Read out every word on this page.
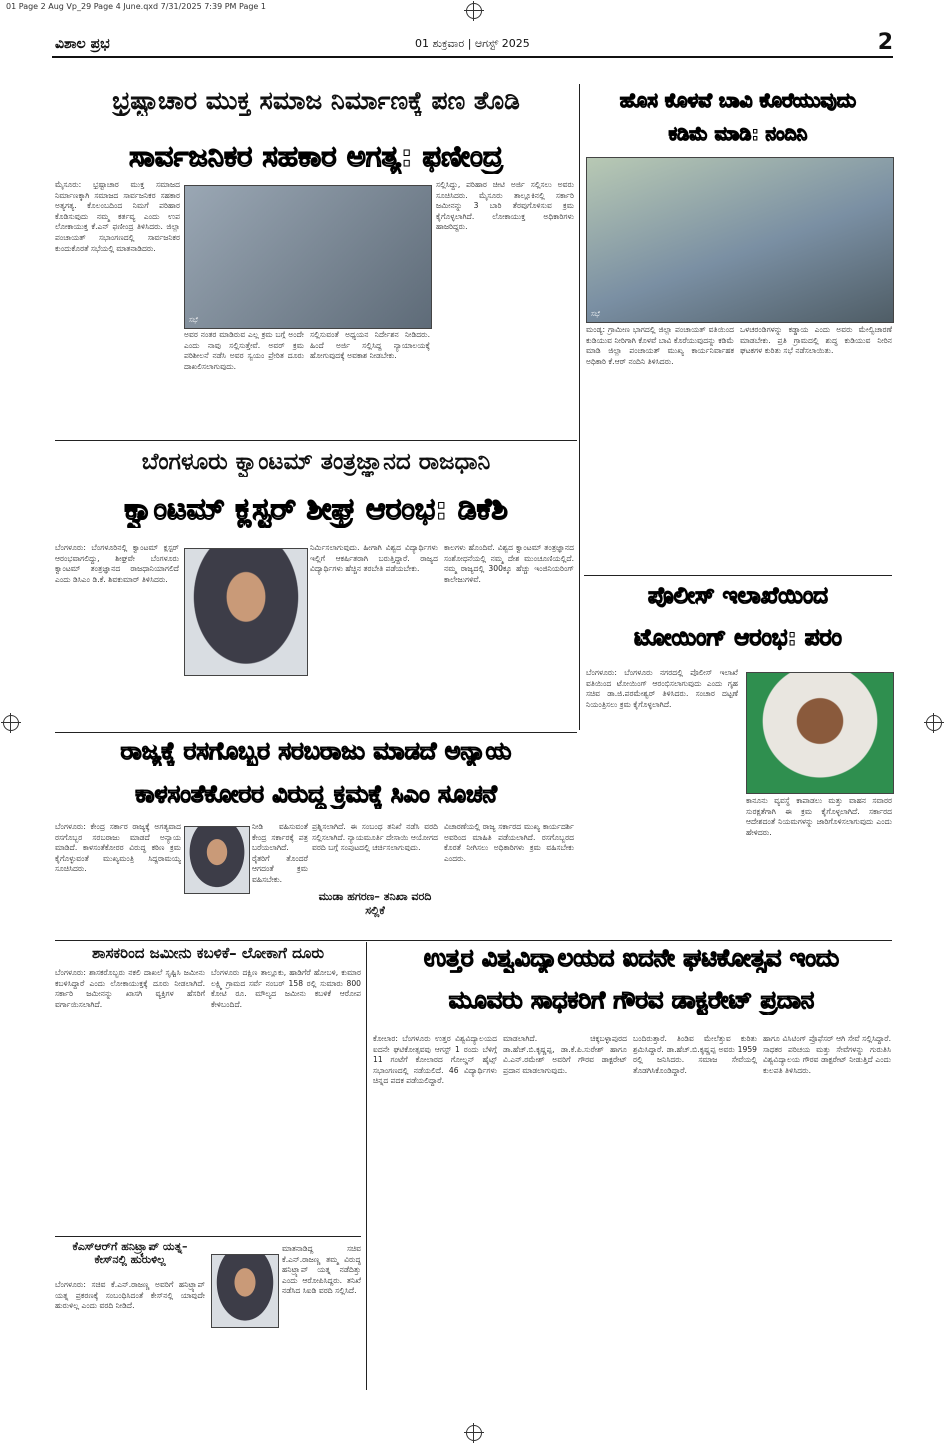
01 Page 2 Aug Vp_29 Page 4 June.qxd 7/31/2025 7:39 PM Page 1
ವಿಶಾಲ ಪ್ರಭ	01 ಶುಕ್ರವಾರ | ಆಗಸ್ಟ್ 2025	2
ಭ್ರಷ್ಟಾಚಾರ ಮುಕ್ತ ಸಮಾಜ ನಿರ್ಮಾಣಕ್ಕೆ ಪಣ ತೊಡಿ
ಸಾರ್ವಜನಿಕರ ಸಹಕಾರ ಅಗತ್ಯ: ಫಣೀಂದ್ರ
ಮೈಸೂರು: ಭ್ರಷ್ಟಾಚಾರ ಮುಕ್ತ ಸಮಾಜದ ನಿರ್ಮಾಣಕ್ಕಾಗಿ ಸಮಾಜದ ಸಾರ್ವಜನಿಕರ ಸಹಕಾರ ಅತ್ಯಗತ್ಯ. ಕೊಲಂಬದಿಂದ ನಿಮಗೆ ಪರಿಹಾರ ಕೊಡಿಸುವುದು ನಮ್ಮ ಕರ್ತವ್ಯ ಎಂದು ಉಪ ಲೋಕಾಯುಕ್ತ ಕೆ.ಎನ್ ಫಣೀಂದ್ರ ತಿಳಿಸಿದರು. ಜಿಲ್ಲಾ ಪಂಚಾಯತ್ ಸಭಾಂಗಣದಲ್ಲಿ ಸಾರ್ವಜನಿಕರ ಕುಂದುಕೊರತೆ ಸಭೆಯಲ್ಲಿ ಮಾತನಾಡಿದರು.
ಸಭೆ
ಅವರ ನಂತರ ಮಾಡಿರುವ ಎಲ್ಲ ಕ್ರಮ ಬಗ್ಗೆ ಅಂದೇ ಎಂದು ನಾವು ಸಲ್ಲಿಸುತ್ತೇವೆ. ಅವರ್ ಕ್ರಮ ಪರಿಶೀಲನೆ ನಡೆಸಿ ಅವರ ಸ್ವಯಂ ಪ್ರೇರಿತ ದೂರು ದಾಖಲಿಸಲಾಗುವುದು.
ಸಲ್ಲಿಸುವಂತೆ ಅಧ್ಯಯನ ನಿರ್ದೇಶನ ನೀಡಿದರು. ಹಿಂದೆ ಅರ್ಜಿ ಸಲ್ಲಿಸಿದ್ದ ನ್ಯಾಯಾಲಯಕ್ಕೆ ಹೋಗುವುದಕ್ಕೆ ಅವಕಾಶ ನೀಡಬೇಕು.
ಸಲ್ಲಿಸಿದ್ದು, ಪರಿಹಾರ ಚೀಟಿ ಅರ್ಜಿ ಸಲ್ಲಿಸಲು ಅವರು ಸೂಚಿಸಿದರು. ಮೈಸೂರು ತಾಲ್ಲೂಕಿನಲ್ಲಿ ಸರ್ಕಾರಿ ಜಮೀನನ್ನು 3 ಬಾರಿ ತೆರವುಗೊಳಿಸುವ ಕ್ರಮ ಕೈಗೊಳ್ಳಲಾಗಿದೆ. ಲೋಕಾಯುಕ್ತ ಅಧಿಕಾರಿಗಳು ಹಾಜರಿದ್ದರು.
ಹೊಸ ಕೊಳವೆ ಬಾವಿ ಕೊರೆಯುವುದು
ಕಡಿಮೆ ಮಾಡಿ: ನಂದಿನಿ
ಸಭೆ
ಮಂಡ್ಯ: ಗ್ರಾಮೀಣ ಭಾಗದಲ್ಲಿ ಜಿಲ್ಲಾ ಪಂಚಾಯತ್ ವತಿಯಿಂದ ಕುಡಿಯುವ ನೀರಿಗಾಗಿ ಕೊಳವೆ ಬಾವಿ ಕೊರೆಯುವುದನ್ನು ಕಡಿಮೆ ಮಾಡಿ ಜಿಲ್ಲಾ ಪಂಚಾಯತ್ ಮುಖ್ಯ ಕಾರ್ಯನಿರ್ವಾಹಕ ಅಧಿಕಾರಿ ಕೆ.ಆರ್ ನಂದಿನಿ ತಿಳಿಸಿದರು.
ಒಳಚರಂಡಿಗಳನ್ನು ಕಡ್ಡಾಯ ಎಂದು ಅವರು ಮೇಲ್ವಿಚಾರಣೆ ಮಾಡಬೇಕು. ಪ್ರತಿ ಗ್ರಾಮದಲ್ಲಿ ಶುದ್ಧ ಕುಡಿಯುವ ನೀರಿನ ಘಟಕಗಳ ಕುರಿತು ಸಭೆ ನಡೆಸಲಾಯಿತು.
ಬೆಂಗಳೂರು ಕ್ವಾಂಟಮ್ ತಂತ್ರಜ್ಞಾನದ ರಾಜಧಾನಿ
ಕ್ವಾಂಟಮ್ ಕ್ಲಸ್ಟರ್ ಶೀಘ್ರ ಆರಂಭ: ಡಿಕೆಶಿ
ಬೆಂಗಳೂರು: ಬೆಂಗಳೂರಿನಲ್ಲಿ ಕ್ವಾಂಟಮ್ ಕ್ಲಸ್ಟರ್ ಆರಂಭವಾಗಲಿದ್ದು, ಶೀಘ್ರವೇ ಬೆಂಗಳೂರು ಕ್ವಾಂಟಮ್ ತಂತ್ರಜ್ಞಾನದ ರಾಜಧಾನಿಯಾಗಲಿದೆ ಎಂದು ಡಿಸಿಎಂ ಡಿ.ಕೆ. ಶಿವಕುಮಾರ್ ತಿಳಿಸಿದರು.
ನಿರ್ಮಿಸಲಾಗುವುದು. ಹೀಗಾಗಿ ವಿಶ್ವದ ವಿದ್ಯಾರ್ಥಿಗಳು ಇಲ್ಲಿಗೆ ಆಕರ್ಷಿತರಾಗಿ ಬರುತ್ತಿದ್ದಾರೆ. ರಾಜ್ಯದ ವಿದ್ಯಾರ್ಥಿಗಳು ಹೆಚ್ಚಿನ ತರಬೇತಿ ಪಡೆಯಬೇಕು.
ಕಾಲಗಳು ಹೊಂದಿವೆ. ವಿಶ್ವದ ಕ್ವಾಂಟಮ್ ತಂತ್ರಜ್ಞಾನದ ಸಂಶೋಧನೆಯಲ್ಲಿ ನಮ್ಮ ದೇಶ ಮುಂಚೂಣಿಯಲ್ಲಿದೆ. ನಮ್ಮ ರಾಜ್ಯದಲ್ಲಿ 300ಕ್ಕೂ ಹೆಚ್ಚು ಇಂಜಿನಿಯರಿಂಗ್ ಕಾಲೇಜುಗಳಿವೆ.
ಪೊಲೀಸ್ ಇಲಾಖೆಯಿಂದ
ಟೋಯಿಂಗ್ ಆರಂಭ: ಪರಂ
ಬೆಂಗಳೂರು: ಬೆಂಗಳೂರು ನಗರದಲ್ಲಿ ಪೊಲೀಸ್ ಇಲಾಖೆ ವತಿಯಿಂದ ಟೋಯಿಂಗ್ ಆರಂಭಿಸಲಾಗುವುದು ಎಂದು ಗೃಹ ಸಚಿವ ಡಾ.ಜಿ.ಪರಮೇಶ್ವರ್ ತಿಳಿಸಿದರು. ಸಂಚಾರ ದಟ್ಟಣೆ ನಿಯಂತ್ರಿಸಲು ಕ್ರಮ ಕೈಗೊಳ್ಳಲಾಗಿದೆ.
ಕಾನೂನು ವ್ಯವಸ್ಥೆ ಕಾಪಾಡಲು ಮತ್ತು ವಾಹನ ಸವಾರರ ಸುರಕ್ಷತೆಗಾಗಿ ಈ ಕ್ರಮ ಕೈಗೊಳ್ಳಲಾಗಿದೆ. ಸರ್ಕಾರದ ಆದೇಶದಂತೆ ನಿಯಮಗಳನ್ನು ಜಾರಿಗೊಳಿಸಲಾಗುವುದು ಎಂದು ಹೇಳಿದರು.
ರಾಜ್ಯಕ್ಕೆ ರಸಗೊಬ್ಬರ ಸರಬರಾಜು ಮಾಡದೆ ಅನ್ಯಾಯ
ಕಾಳಸಂತೆಕೋರರ ವಿರುದ್ಧ ಕ್ರಮಕ್ಕೆ ಸಿಎಂ ಸೂಚನೆ
ಬೆಂಗಳೂರು: ಕೇಂದ್ರ ಸರ್ಕಾರ ರಾಜ್ಯಕ್ಕೆ ಅಗತ್ಯವಾದ ರಸಗೊಬ್ಬರ ಸರಬರಾಜು ಮಾಡದೆ ಅನ್ಯಾಯ ಮಾಡಿದೆ. ಕಾಳಸಂತೆಕೋರರ ವಿರುದ್ಧ ಕಠಿಣ ಕ್ರಮ ಕೈಗೊಳ್ಳುವಂತೆ ಮುಖ್ಯಮಂತ್ರಿ ಸಿದ್ದರಾಮಯ್ಯ ಸೂಚಿಸಿದರು.
ನೀಡಿ ವಹಿಸುವಂತೆ ಕೇಂದ್ರ ಸರ್ಕಾರಕ್ಕೆ ಪತ್ರ ಬರೆಯಲಾಗಿದೆ. ರೈತರಿಗೆ ತೊಂದರೆ ಆಗದಂತೆ ಕ್ರಮ ವಹಿಸಬೇಕು.
ಪ್ರಶ್ನಿಸಲಾಗಿದೆ. ಈ ಸಂಬಂಧ ತನಿಖೆ ನಡೆಸಿ ವರದಿ ಸಲ್ಲಿಸಲಾಗಿದೆ. ನ್ಯಾಯಮೂರ್ತಿ ದೇಸಾಯಿ ಆಯೋಗದ ವರದಿ ಬಗ್ಗೆ ಸಂಪುಟದಲ್ಲಿ ಚರ್ಚಿಸಲಾಗುವುದು.
ಮುಡಾ ಹಗರಣ– ತನಿಖಾ ವರದಿ ಸಲ್ಲಿಕೆ
ವಿಚಾರಣೆಯಲ್ಲಿ ರಾಜ್ಯ ಸರ್ಕಾರದ ಮುಖ್ಯ ಕಾರ್ಯದರ್ಶಿ ಅವರಿಂದ ಮಾಹಿತಿ ಪಡೆಯಲಾಗಿದೆ. ರಸಗೊಬ್ಬರದ ಕೊರತೆ ನೀಗಿಸಲು ಅಧಿಕಾರಿಗಳು ಕ್ರಮ ವಹಿಸಬೇಕು ಎಂದರು.
ಶಾಸಕರಿಂದ ಜಮೀನು ಕಬಳಿಕೆ– ಲೋಕಾಗೆ ದೂರು
ಬೆಂಗಳೂರು: ಶಾಸಕರೊಬ್ಬರು ನಕಲಿ ದಾಖಲೆ ಸೃಷ್ಟಿಸಿ ಜಮೀನು ಕಬಳಿಸಿದ್ದಾರೆ ಎಂದು ಲೋಕಾಯುಕ್ತಕ್ಕೆ ದೂರು ನೀಡಲಾಗಿದೆ. ಸರ್ಕಾರಿ ಜಮೀನನ್ನು ಖಾಸಗಿ ವ್ಯಕ್ತಿಗಳ ಹೆಸರಿಗೆ ವರ್ಗಾಯಿಸಲಾಗಿದೆ.
ಬೆಂಗಳೂರು ದಕ್ಷಿಣ ತಾಲ್ಲೂಕು, ಹಾಡಿಗೆರೆ ಹೋಬಳಿ, ಕುಮಾರ ಲಕ್ಷ್ಮಿ ಗ್ರಾಮದ ಸರ್ವೆ ನಂಬರ್ 158 ರಲ್ಲಿ ಸುಮಾರು 800 ಕೋಟಿ ರೂ. ಮೌಲ್ಯದ ಜಮೀನು ಕಬಳಿಕೆ ಆರೋಪ ಕೇಳಿಬಂದಿದೆ.
ಕೆಎಸ್‌ಆರ್‌ಗೆ ಹನಿಟ್ರ್ಯಾಪ್ ಯತ್ನ– ಕೇಸ್‌ನಲ್ಲಿ ಹುರುಳಿಲ್ಲ
ಬೆಂಗಳೂರು: ಸಚಿವ ಕೆ.ಎನ್.ರಾಜಣ್ಣ ಅವರಿಗೆ ಹನಿಟ್ರ್ಯಾಪ್ ಯತ್ನ ಪ್ರಕರಣಕ್ಕೆ ಸಂಬಂಧಿಸಿದಂತೆ ಕೇಸ್‌ನಲ್ಲಿ ಯಾವುದೇ ಹುರುಳಿಲ್ಲ ಎಂದು ವರದಿ ನೀಡಿದೆ.
ಮಾತನಾಡಿದ್ದ ಸಚಿವ ಕೆ.ಎನ್.ರಾಜಣ್ಣ ತಮ್ಮ ವಿರುದ್ಧ ಹನಿಟ್ರ್ಯಾಪ್ ಯತ್ನ ನಡೆದಿತ್ತು ಎಂದು ಆರೋಪಿಸಿದ್ದರು. ತನಿಖೆ ನಡೆಸಿದ ಸಿಐಡಿ ವರದಿ ಸಲ್ಲಿಸಿದೆ.
ಉತ್ತರ ವಿಶ್ವವಿದ್ಯಾಲಯದ ಐದನೇ ಘಟಿಕೋತ್ಸವ ಇಂದು
ಮೂವರು ಸಾಧಕರಿಗೆ ಗೌರವ ಡಾಕ್ಟರೇಟ್ ಪ್ರದಾನ
ಕೋಲಾರ: ಬೆಂಗಳೂರು ಉತ್ತರ ವಿಶ್ವವಿದ್ಯಾಲಯದ ಐದನೇ ಘಟಿಕೋತ್ಸವವು ಆಗಸ್ಟ್ 1 ರಂದು ಬೆಳಿಗ್ಗೆ 11 ಗಂಟೆಗೆ ಕೋಲಾರದ ಗೋಲ್ಡನ್ ಹೈಟ್ಸ್ ಸಭಾಂಗಣದಲ್ಲಿ ನಡೆಯಲಿದೆ. 46 ವಿದ್ಯಾರ್ಥಿಗಳು ಚಿನ್ನದ ಪದಕ ಪಡೆಯಲಿದ್ದಾರೆ.
ಮಾಡಲಾಗಿದೆ. ಚಿಕ್ಕಬಳ್ಳಾಪುರದ ಡಾ.ಹೆಚ್.ಬಿ.ಕೃಷ್ಣಪ್ಪ, ಡಾ.ಕೆ.ಪಿ.ಸುರೇಶ್ ಹಾಗೂ ವಿ.ಎನ್.ರಮೇಶ್ ಅವರಿಗೆ ಗೌರವ ಡಾಕ್ಟರೇಟ್ ಪ್ರದಾನ ಮಾಡಲಾಗುವುದು.
ಬಂದಿರುತ್ತಾರೆ. ತಿಂಡಿವ ಮೇಲೆತ್ತುವ ಕುರಿತು ಶ್ರಮಿಸಿದ್ದಾರೆ. ಡಾ.ಹೆಚ್.ಬಿ.ಕೃಷ್ಣಪ್ಪ ಅವರು 1959 ರಲ್ಲಿ ಜನಿಸಿದರು. ಸಮಾಜ ಸೇವೆಯಲ್ಲಿ ತೊಡಗಿಸಿಕೊಂಡಿದ್ದಾರೆ.
ಹಾಗೂ ವಿಸಿಟಿಂಗ್ ಪ್ರೊಫೆಸರ್ ಆಗಿ ಸೇವೆ ಸಲ್ಲಿಸಿದ್ದಾರೆ. ಸಾಧಕರ ಪರಿಚಯ ಮತ್ತು ಸೇವೆಗಳನ್ನು ಗುರುತಿಸಿ ವಿಶ್ವವಿದ್ಯಾಲಯ ಗೌರವ ಡಾಕ್ಟರೇಟ್ ನೀಡುತ್ತಿದೆ ಎಂದು ಕುಲಪತಿ ತಿಳಿಸಿದರು.
